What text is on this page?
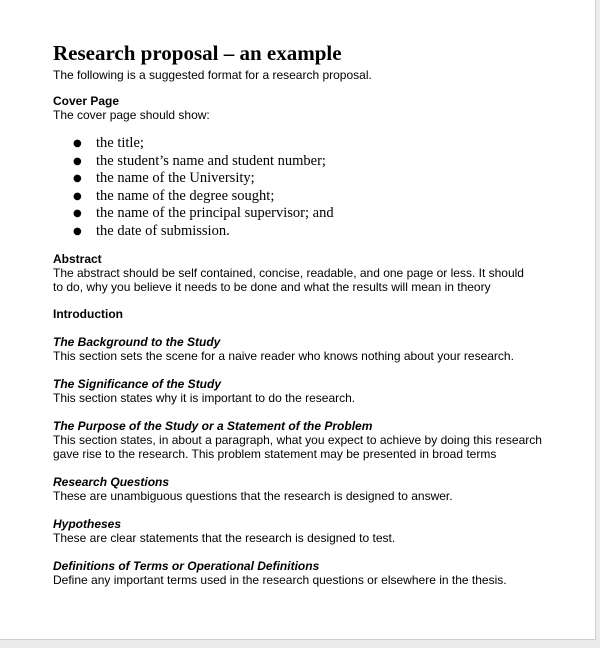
Research proposal – an example

The following is a suggested format for a research proposal.

Cover Page

The cover page should show:

● the title;
● the student’s name and student number;
● the name of the University;
● the name of the degree sought;
● the name of the principal supervisor; and
● the date of submission.

Abstract

The abstract should be self contained, concise, readable, and one page or less. It should

to do, why you believe it needs to be done and what the results will mean in theory

Introduction

The Background to the Study

This section sets the scene for a naive reader who knows nothing about your research.

The Significance of the Study

This section states why it is important to do the research.

The Purpose of the Study or a Statement of the Problem

This section states, in about a paragraph, what you expect to achieve by doing this research

gave rise to the research. This problem statement may be presented in broad terms

Research Questions

These are unambiguous questions that the research is designed to answer.

Hypotheses

These are clear statements that the research is designed to test.

Definitions of Terms or Operational Definitions

Define any important terms used in the research questions or elsewhere in the thesis.
